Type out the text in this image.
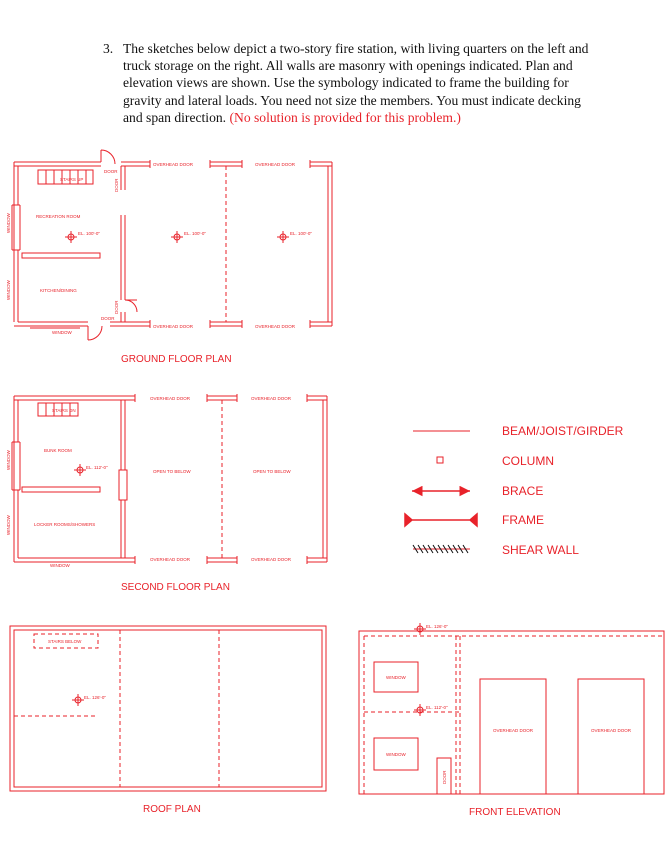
3. The sketches below depict a two-story fire station, with living quarters on the left and truck storage on the right. All walls are masonry with openings indicated. Plan and elevation views are shown. Use the symbology indicated to frame the building for gravity and lateral loads. You need not size the members. You must indicate decking and span direction. (No solution is provided for this problem.)
OVERHEAD DOOR	OVERHEAD DOOR
OVERHEAD DOOR	OVERHEAD DOOR
DOOR
DOOR
DOOR
DOOR
WINDOW
WINDOW
WINDOW
STAIRS UP
RECREATION ROOM
KITCHEN/DINING
EL. 100'-0"	EL. 100'-0"	EL. 100'-0"
GROUND FLOOR PLAN
OVERHEAD DOOR	OVERHEAD DOOR
OVERHEAD DOOR	OVERHEAD DOOR
WINDOW
WINDOW
WINDOW
STAIRS DN
BUNK ROOM
LOCKER ROOMS/SHOWERS
OPEN TO BELOW	OPEN TO BELOW
EL. 112'-0"
SECOND FLOOR PLAN
STAIRS BELOW
EL. 126'-0"
ROOF PLAN
WINDOW
WINDOW
DOOR
OVERHEAD DOOR	OVERHEAD DOOR
EL. 126'-0"
EL. 112'-0"
FRONT ELEVATION
BEAM/JOIST/GIRDER
COLUMN
BRACE
FRAME
SHEAR WALL
